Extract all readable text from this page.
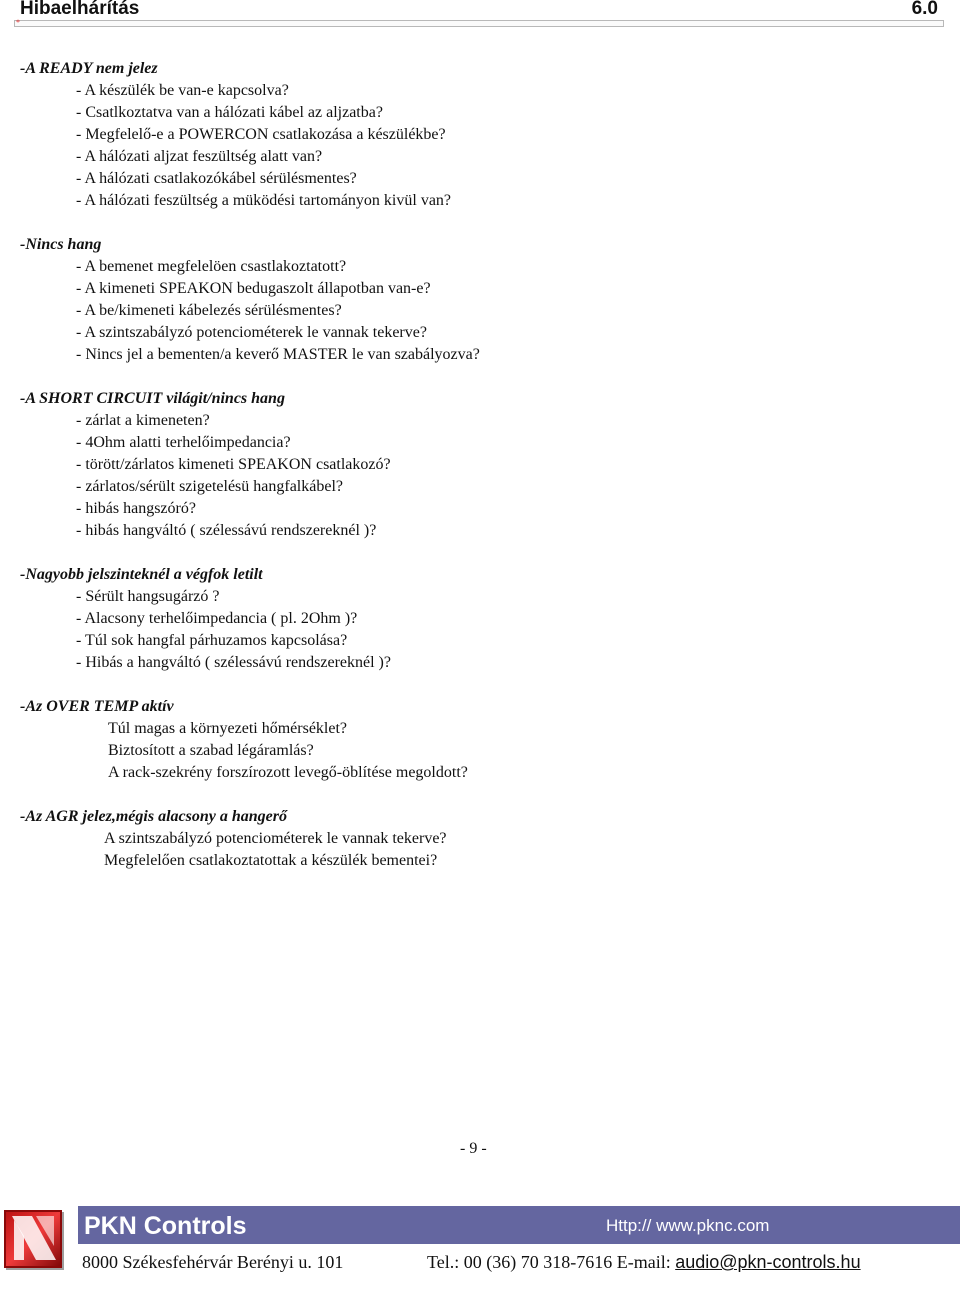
Hibaelhárítás	6.0
*
-A READY nem jelez
- A készülék be van-e kapcsolva?
- Csatlkoztatva van a hálózati kábel az aljzatba?
- Megfelelő-e a POWERCON csatlakozása a készülékbe?
- A hálózati aljzat feszültség alatt van?
- A hálózati csatlakozókábel sérülésmentes?
- A hálózati feszültség a müködési tartományon kivül van?
-Nincs hang
- A bemenet megfelelöen csastlakoztatott?
- A kimeneti SPEAKON bedugaszolt állapotban van-e?
- A be/kimeneti kábelezés sérülésmentes?
- A szintszabályzó potenciométerek le vannak tekerve?
- Nincs jel a bementen/a keverő MASTER le van szabályozva?
-A SHORT CIRCUIT világit/nincs hang
- zárlat a kimeneten?
- 4Ohm alatti terhelőimpedancia?
- törött/zárlatos kimeneti SPEAKON csatlakozó?
- zárlatos/sérült szigetelésü hangfalkábel?
- hibás hangszóró?
- hibás hangváltó ( szélessávú rendszereknél )?
-Nagyobb jelszinteknél a végfok letilt
- Sérült hangsugárzó ?
- Alacsony terhelőimpedancia ( pl. 2Ohm )?
- Túl sok hangfal párhuzamos kapcsolása?
- Hibás a hangváltó ( szélessávú rendszereknél )?
-Az OVER TEMP aktív
Túl magas a környezeti hőmérséklet?
Biztosított a szabad légáramlás?
A rack-szekrény forszírozott levegő-öblítése megoldott?
-Az AGR jelez,mégis alacsony a hangerő
A szintszabályzó potenciométerek le vannak tekerve?
Megfelelően csatlakoztatottak a készülék bementei?
- 9 -
PKN Controls	Http:// www.pknc.com
8000 Székesfehérvár Berényi u. 101	Tel.: 00 (36) 70 318-7616 E-mail: audio@pkn-controls.hu
